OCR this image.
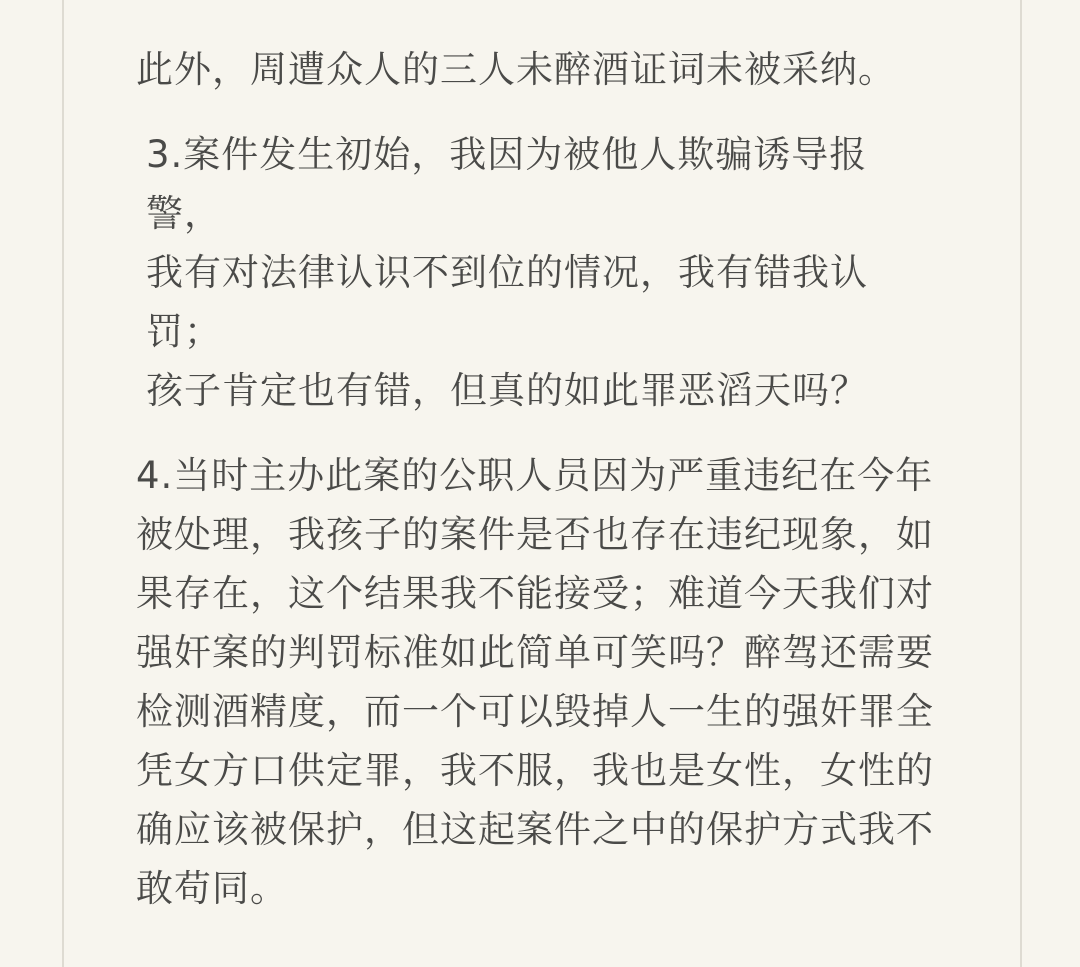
此外，周遭众人的三人未醉酒证词未被采纳。

3.案件发生初始，我因为被他人欺骗诱导报警，
我有对法律认识不到位的情况，我有错我认罚；
孩子肯定也有错，但真的如此罪恶滔天吗？

4.当时主办此案的公职人员因为严重违纪在今年
被处理，我孩子的案件是否也存在违纪现象，如
果存在，这个结果我不能接受；难道今天我们对
强奸案的判罚标准如此简单可笑吗？醉驾还需要
检测酒精度，而一个可以毁掉人一生的强奸罪全
凭女方口供定罪，我不服，我也是女性，女性的
确应该被保护，但这起案件之中的保护方式我不
敢苟同。
